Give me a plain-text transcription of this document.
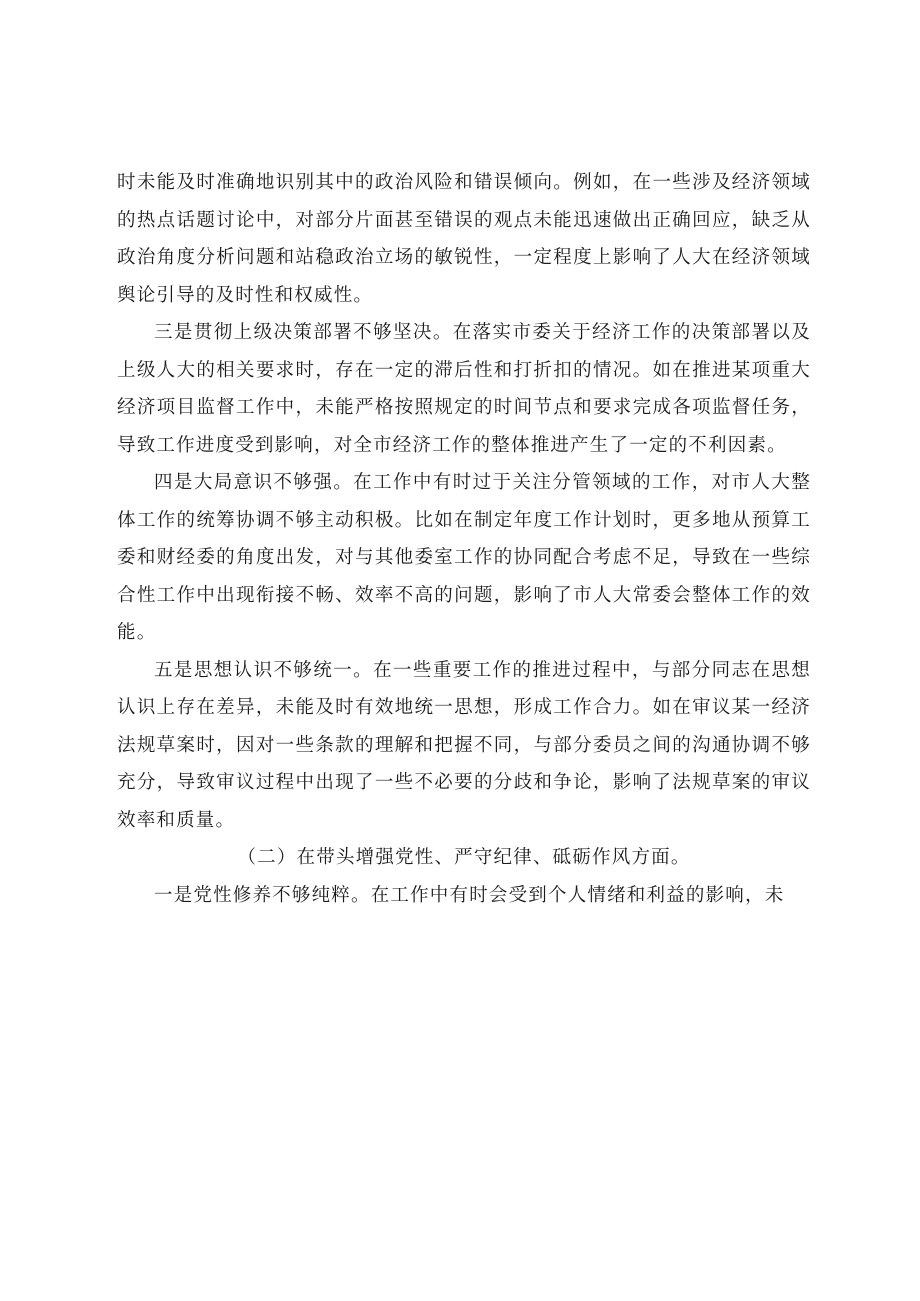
时未能及时准确地识别其中的政治风险和错误倾向。例如，在一些涉及经济领域的热点话题讨论中，对部分片面甚至错误的观点未能迅速做出正确回应，缺乏从政治角度分析问题和站稳政治立场的敏锐性，一定程度上影响了人大在经济领域舆论引导的及时性和权威性。

三是贯彻上级决策部署不够坚决。在落实市委关于经济工作的决策部署以及上级人大的相关要求时，存在一定的滞后性和打折扣的情况。如在推进某项重大经济项目监督工作中，未能严格按照规定的时间节点和要求完成各项监督任务，导致工作进度受到影响，对全市经济工作的整体推进产生了一定的不利因素。

四是大局意识不够强。在工作中有时过于关注分管领域的工作，对市人大整体工作的统筹协调不够主动积极。比如在制定年度工作计划时，更多地从预算工委和财经委的角度出发，对与其他委室工作的协同配合考虑不足，导致在一些综合性工作中出现衔接不畅、效率不高的问题，影响了市人大常委会整体工作的效能。

五是思想认识不够统一。在一些重要工作的推进过程中，与部分同志在思想认识上存在差异，未能及时有效地统一思想，形成工作合力。如在审议某一经济法规草案时，因对一些条款的理解和把握不同，与部分委员之间的沟通协调不够充分，导致审议过程中出现了一些不必要的分歧和争论，影响了法规草案的审议效率和质量。

（二）在带头增强党性、严守纪律、砥砺作风方面。

一是党性修养不够纯粹。在工作中有时会受到个人情绪和利益的影响，未
